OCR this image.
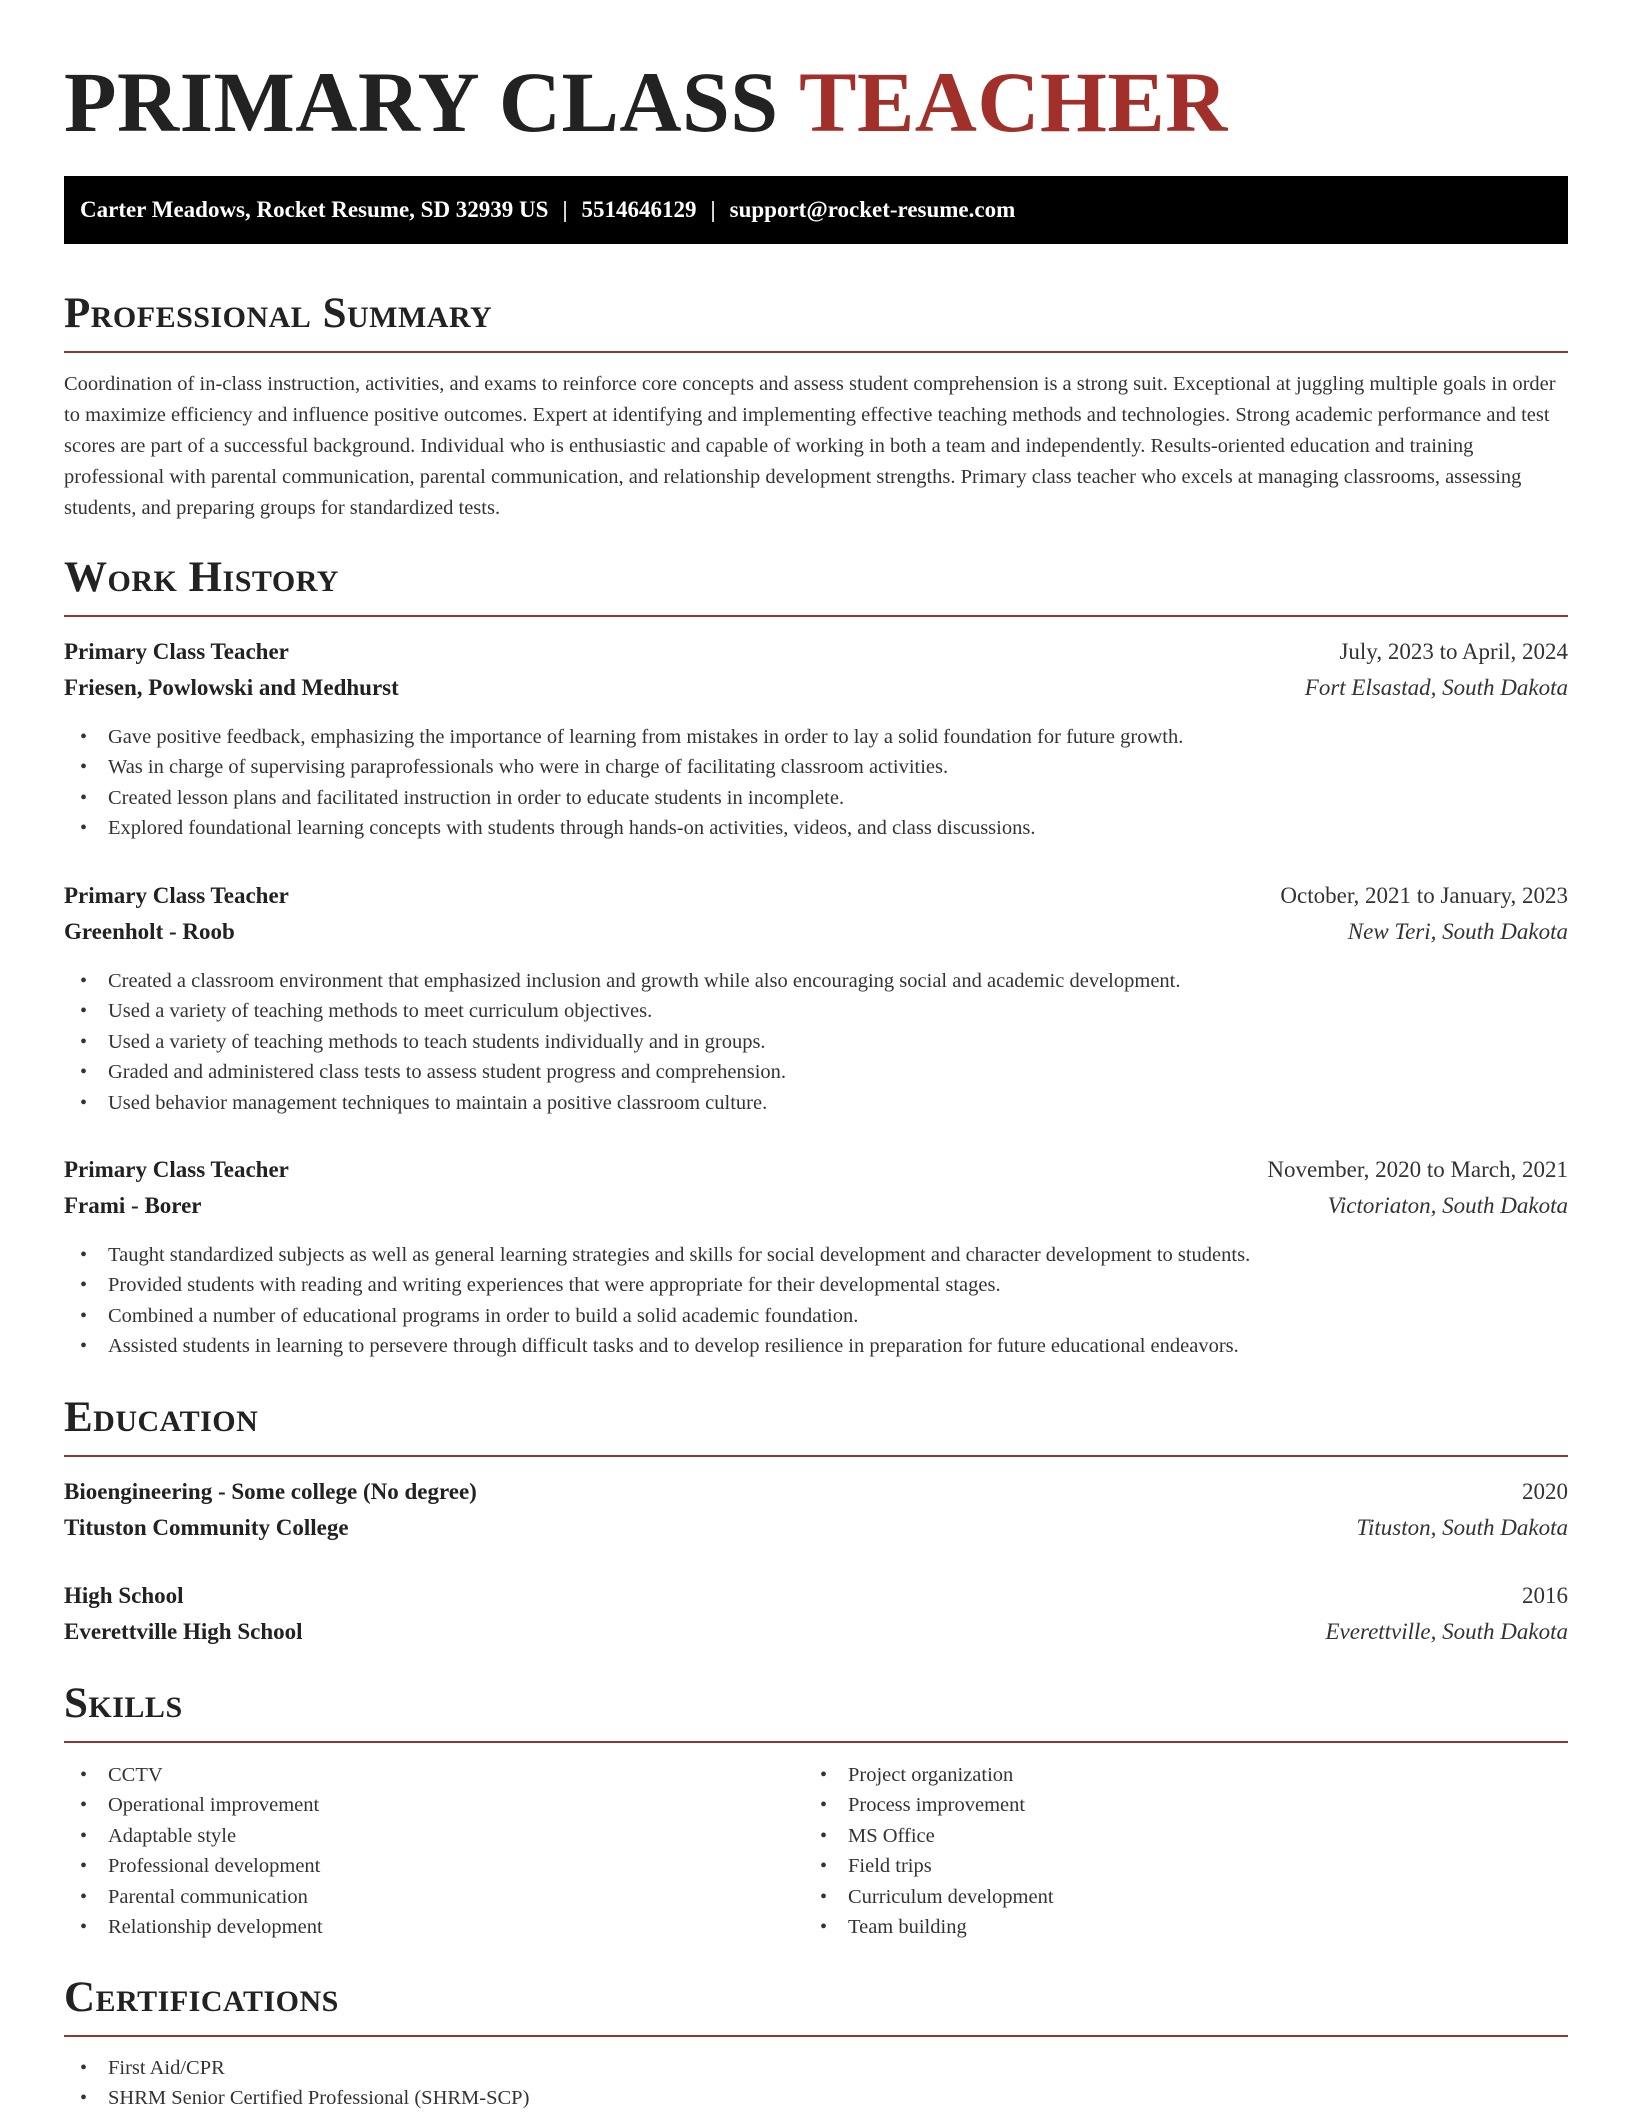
PRIMARY CLASS TEACHER
Carter Meadows, Rocket Resume, SD 32939 US | 5514646129 | support@rocket-resume.com
Professional Summary

Coordination of in-class instruction, activities, and exams to reinforce core concepts and assess student comprehension is a strong suit. Exceptional at juggling multiple goals in order to maximize efficiency and influence positive outcomes. Expert at identifying and implementing effective teaching methods and technologies. Strong academic performance and test scores are part of a successful background. Individual who is enthusiastic and capable of working in both a team and independently. Results-oriented education and training professional with parental communication, parental communication, and relationship development strengths. Primary class teacher who excels at managing classrooms, assessing students, and preparing groups for standardized tests.

Work History
Primary Class Teacher	July, 2023 to April, 2024
Friesen, Powlowski and Medhurst	Fort Elsastad, South Dakota
• Gave positive feedback, emphasizing the importance of learning from mistakes in order to lay a solid foundation for future growth.
• Was in charge of supervising paraprofessionals who were in charge of facilitating classroom activities.
• Created lesson plans and facilitated instruction in order to educate students in incomplete.
• Explored foundational learning concepts with students through hands-on activities, videos, and class discussions.
Primary Class Teacher	October, 2021 to January, 2023
Greenholt - Roob	New Teri, South Dakota
• Created a classroom environment that emphasized inclusion and growth while also encouraging social and academic development.
• Used a variety of teaching methods to meet curriculum objectives.
• Used a variety of teaching methods to teach students individually and in groups.
• Graded and administered class tests to assess student progress and comprehension.
• Used behavior management techniques to maintain a positive classroom culture.
Primary Class Teacher	November, 2020 to March, 2021
Frami - Borer	Victoriaton, South Dakota
• Taught standardized subjects as well as general learning strategies and skills for social development and character development to students.
• Provided students with reading and writing experiences that were appropriate for their developmental stages.
• Combined a number of educational programs in order to build a solid academic foundation.
• Assisted students in learning to persevere through difficult tasks and to develop resilience in preparation for future educational endeavors.
Education
Bioengineering - Some college (No degree)	2020
Tituston Community College	Tituston, South Dakota
High School	2016
Everettville High School	Everettville, South Dakota
Skills
• CCTV
• Operational improvement
• Adaptable style
• Professional development
• Parental communication
• Relationship development
• Project organization
• Process improvement
• MS Office
• Field trips
• Curriculum development
• Team building
Certifications
• First Aid/CPR
• SHRM Senior Certified Professional (SHRM-SCP)
